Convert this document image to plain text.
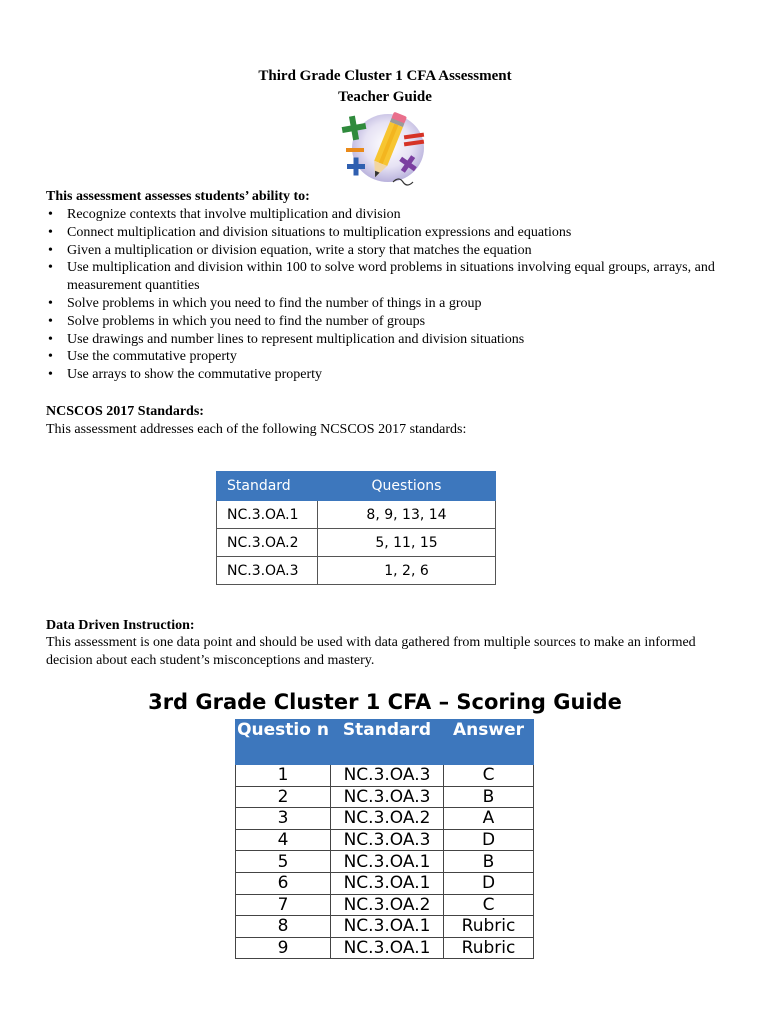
Third Grade Cluster 1 CFA Assessment
Teacher Guide
This assessment assesses students’ ability to:
• Recognize contexts that involve multiplication and division
• Connect multiplication and division situations to multiplication expressions and equations
• Given a multiplication or division equation, write a story that matches the equation
• Use multiplication and division within 100 to solve word problems in situations involving equal groups, arrays, and measurement quantities
• Solve problems in which you need to find the number of things in a group
• Solve problems in which you need to find the number of groups
• Use drawings and number lines to represent multiplication and division situations
• Use the commutative property
• Use arrays to show the commutative property
NCSCOS 2017 Standards:
This assessment addresses each of the following NCSCOS 2017 standards:
Standard	Questions
NC.3.OA.1	8, 9, 13, 14
NC.3.OA.2	5, 11, 15
NC.3.OA.3	1, 2, 6
Data Driven Instruction:
This assessment is one data point and should be used with data gathered from multiple sources to make an informed decision about each student’s misconceptions and mastery.
3rd Grade Cluster 1 CFA – Scoring Guide
Questio n	Standard	Answer
1	NC.3.OA.3	C
2	NC.3.OA.3	B
3	NC.3.OA.2	A
4	NC.3.OA.3	D
5	NC.3.OA.1	B
6	NC.3.OA.1	D
7	NC.3.OA.2	C
8	NC.3.OA.1	Rubric
9	NC.3.OA.1	Rubric
